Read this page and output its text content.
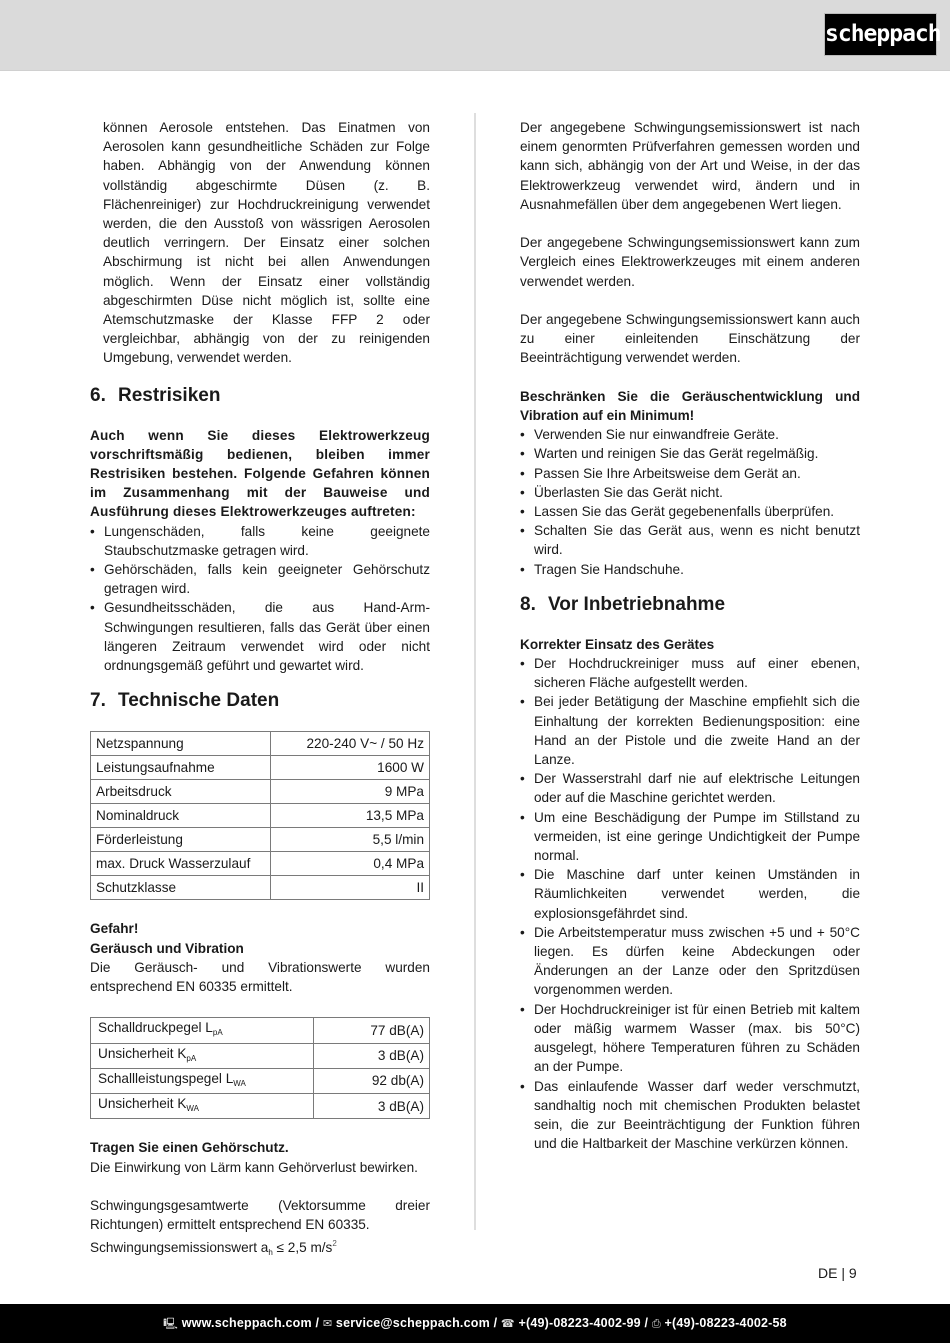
scheppach

können Aerosole entstehen. Das Einatmen von Aerosolen kann gesundheitliche Schäden zur Folge haben. Abhängig von der Anwendung können vollständig abgeschirmte Düsen (z. B. Flächenreiniger) zur Hochdruckreinigung verwendet werden, die den Ausstoß von wässrigen Aerosolen deutlich verringern. Der Einsatz einer solchen Abschirmung ist nicht bei allen Anwendungen möglich. Wenn der Einsatz einer vollständig abgeschirmten Düse nicht möglich ist, sollte eine Atemschutzmaske der Klasse FFP 2 oder vergleichbar, abhängig von der zu reinigenden Umgebung, verwendet werden.

6. Restrisiken

Auch wenn Sie dieses Elektrowerkzeug vorschriftsmäßig bedienen, bleiben immer Restrisiken bestehen. Folgende Gefahren können im Zusammenhang mit der Bauweise und Ausführung dieses Elektrowerkzeuges auftreten:

• Lungenschäden, falls keine geeignete Staubschutzmaske getragen wird.
• Gehörschäden, falls kein geeigneter Gehörschutz getragen wird.
• Gesundheitsschäden, die aus Hand-Arm- Schwingungen resultieren, falls das Gerät über einen längeren Zeitraum verwendet wird oder nicht ordnungsgemäß geführt und gewartet wird.
7. Technische Daten
Netzspannung	220-240 V~ / 50 Hz
Leistungsaufnahme	1600 W
Arbeitsdruck	9 MPa
Nominaldruck	13,5 MPa
Förderleistung	5,5 l/min
max. Druck Wasserzulauf	0,4 MPa
Schutzklasse	II

Gefahr!

Geräusch und Vibration

Die Geräusch- und Vibrationswerte wurden entsprechend EN 60335 ermittelt.

Schalldruckpegel $L_{pA}$	77 dB(A)
Unsicherheit $K_{pA}$	3 dB(A)
Schallleistungspegel $L_{WA}$	92 db(A)
Unsicherheit $K_{WA}$	3 dB(A)

Tragen Sie einen Gehörschutz.

Die Einwirkung von Lärm kann Gehörverlust bewirken.

Schwingungsgesamtwerte (Vektorsumme dreier Richtungen) ermittelt entsprechend EN 60335.

Schwingungsemissionswert $a_h \le 2,5$ $m/s^2$

Der angegebene Schwingungsemissionswert ist nach einem genormten Prüfverfahren gemessen worden und kann sich, abhängig von der Art und Weise, in der das Elektrowerkzeug verwendet wird, ändern und in Ausnahmefällen über dem angegebenen Wert liegen.

Der angegebene Schwingungsemissionswert kann zum Vergleich eines Elektrowerkzeuges mit einem anderen verwendet werden.

Der angegebene Schwingungsemissionswert kann auch zu einer einleitenden Einschätzung der Beeinträchtigung verwendet werden.

Beschränken Sie die Geräuschentwicklung und Vibration auf ein Minimum!

• Verwenden Sie nur einwandfreie Geräte.
• Warten und reinigen Sie das Gerät regelmäßig.
• Passen Sie Ihre Arbeitsweise dem Gerät an.
• Überlasten Sie das Gerät nicht.
• Lassen Sie das Gerät gegebenenfalls überprüfen.
• Schalten Sie das Gerät aus, wenn es nicht benutzt wird.
• Tragen Sie Handschuhe.
8. Vor Inbetriebnahme

Korrekter Einsatz des Gerätes

• Der Hochdruckreiniger muss auf einer ebenen, sicheren Fläche aufgestellt werden.
• Bei jeder Betätigung der Maschine empfiehlt sich die Einhaltung der korrekten Bedienungsposition: eine Hand an der Pistole und die zweite Hand an der Lanze.
• Der Wasserstrahl darf nie auf elektrische Leitungen oder auf die Maschine gerichtet werden.
• Um eine Beschädigung der Pumpe im Stillstand zu vermeiden, ist eine geringe Undichtigkeit der Pumpe normal.
• Die Maschine darf unter keinen Umständen in Räumlichkeiten verwendet werden, die explosionsgefährdet sind.
• Die Arbeitstemperatur muss zwischen +5 und + 50°C liegen. Es dürfen keine Abdeckungen oder Änderungen an der Lanze oder den Spritzdüsen vorgenommen werden.
• Der Hochdruckreiniger ist für einen Betrieb mit kaltem oder mäßig warmem Wasser (max. bis 50°C) ausgelegt, höhere Temperaturen führen zu Schäden an der Pumpe.
• Das einlaufende Wasser darf weder verschmutzt, sandhaltig noch mit chemischen Produkten belastet sein, die zur Beeinträchtigung der Funktion führen und die Haltbarkeit der Maschine verkürzen können.
DE | 9
🖳 www.scheppach.com / ✉ service@scheppach.com / ☎ +(49)-08223-4002-99 / ⎙ +(49)-08223-4002-58
